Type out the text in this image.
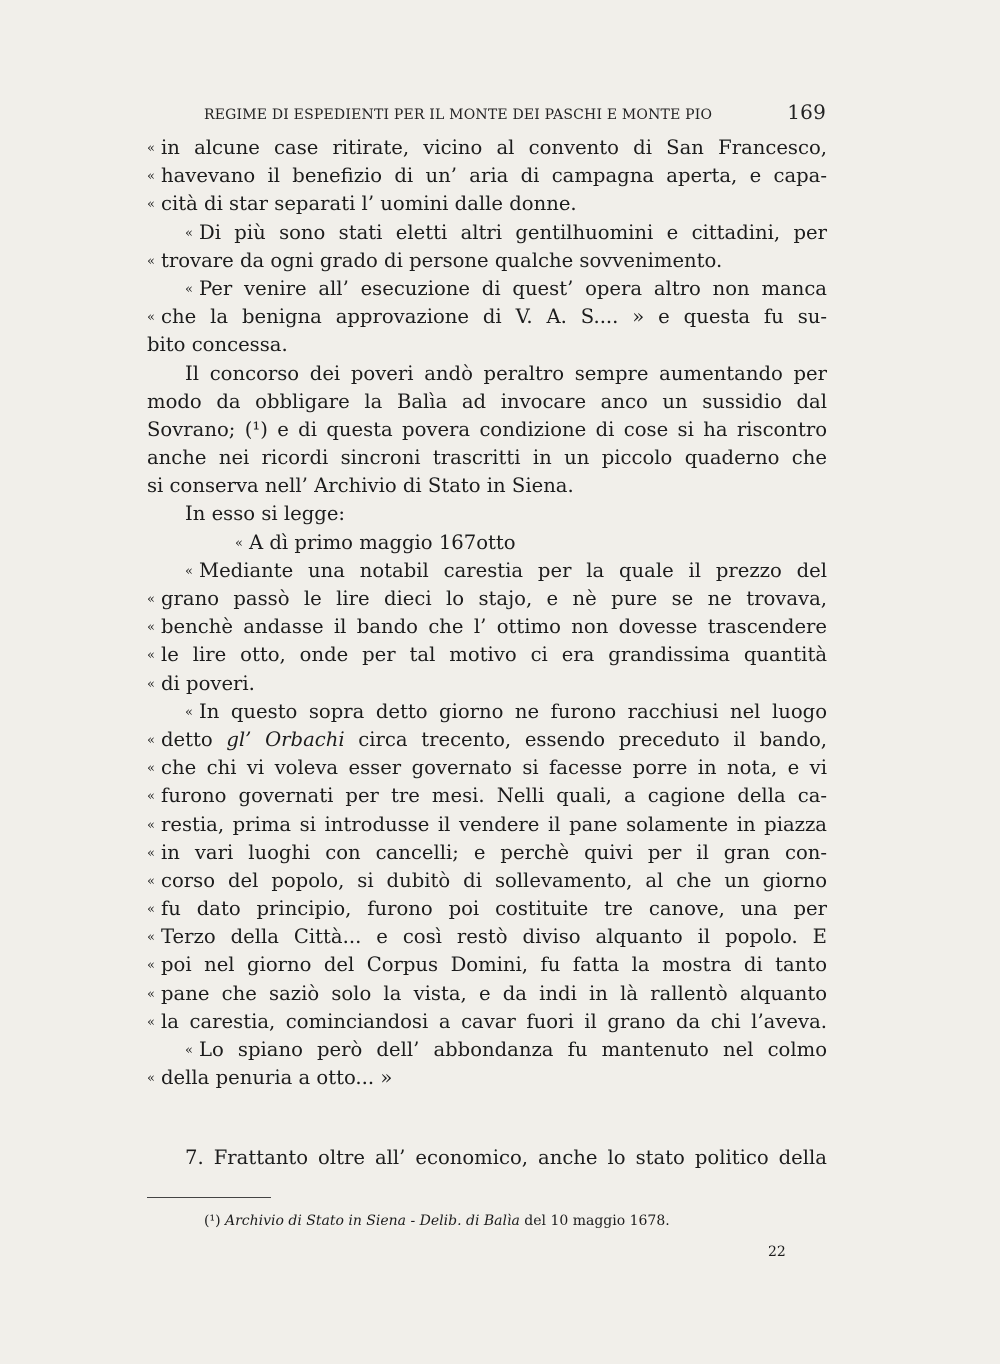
REGIME DI ESPEDIENTI PER IL MONTE DEI PASCHI E MONTE PIO	169
« in alcune case ritirate, vicino al convento di San Francesco,
« havevano il benefizio di un’ aria di campagna aperta, e capa-
« cità di star separati l’ uomini dalle donne.
« Di più sono stati eletti altri gentilhuomini e cittadini, per
« trovare da ogni grado di persone qualche sovvenimento.
« Per venire all’ esecuzione di quest’ opera altro non manca
« che la benigna approvazione di V. A. S.... » e questa fu su-
bito concessa.
Il concorso dei poveri andò peraltro sempre aumentando per
modo da obbligare la Balìa ad invocare anco un sussidio dal
Sovrano; (¹) e di questa povera condizione di cose si ha riscontro
anche nei ricordi sincroni trascritti in un piccolo quaderno che
si conserva nell’ Archivio di Stato in Siena.
In esso si legge:
« A dì primo maggio 167otto
« Mediante una notabil carestia per la quale il prezzo del
« grano passò le lire dieci lo stajo, e nè pure se ne trovava,
« benchè andasse il bando che l’ ottimo non dovesse trascendere
« le lire otto, onde per tal motivo ci era grandissima quantità
« di poveri.
« In questo sopra detto giorno ne furono racchiusi nel luogo
« detto gl’ Orbachi circa trecento, essendo preceduto il bando,
« che chi vi voleva esser governato si facesse porre in nota, e vi
« furono governati per tre mesi. Nelli quali, a cagione della ca-
« restia, prima si introdusse il vendere il pane solamente in piazza
« in vari luoghi con cancelli; e perchè quivi per il gran con-
« corso del popolo, si dubitò di sollevamento, al che un giorno
« fu dato principio, furono poi costituite tre canove, una per
« Terzo della Città... e così restò diviso alquanto il popolo. E
« poi nel giorno del Corpus Domini, fu fatta la mostra di tanto
« pane che saziò solo la vista, e da indi in là rallentò alquanto
« la carestia, cominciandosi a cavar fuori il grano da chi l’aveva.
« Lo spiano però dell’ abbondanza fu mantenuto nel colmo
« della penuria a otto... »
7. Frattanto oltre all’ economico, anche lo stato politico della
(¹) Archivio di Stato in Siena - Delib. di Balìa del 10 maggio 1678.
22
